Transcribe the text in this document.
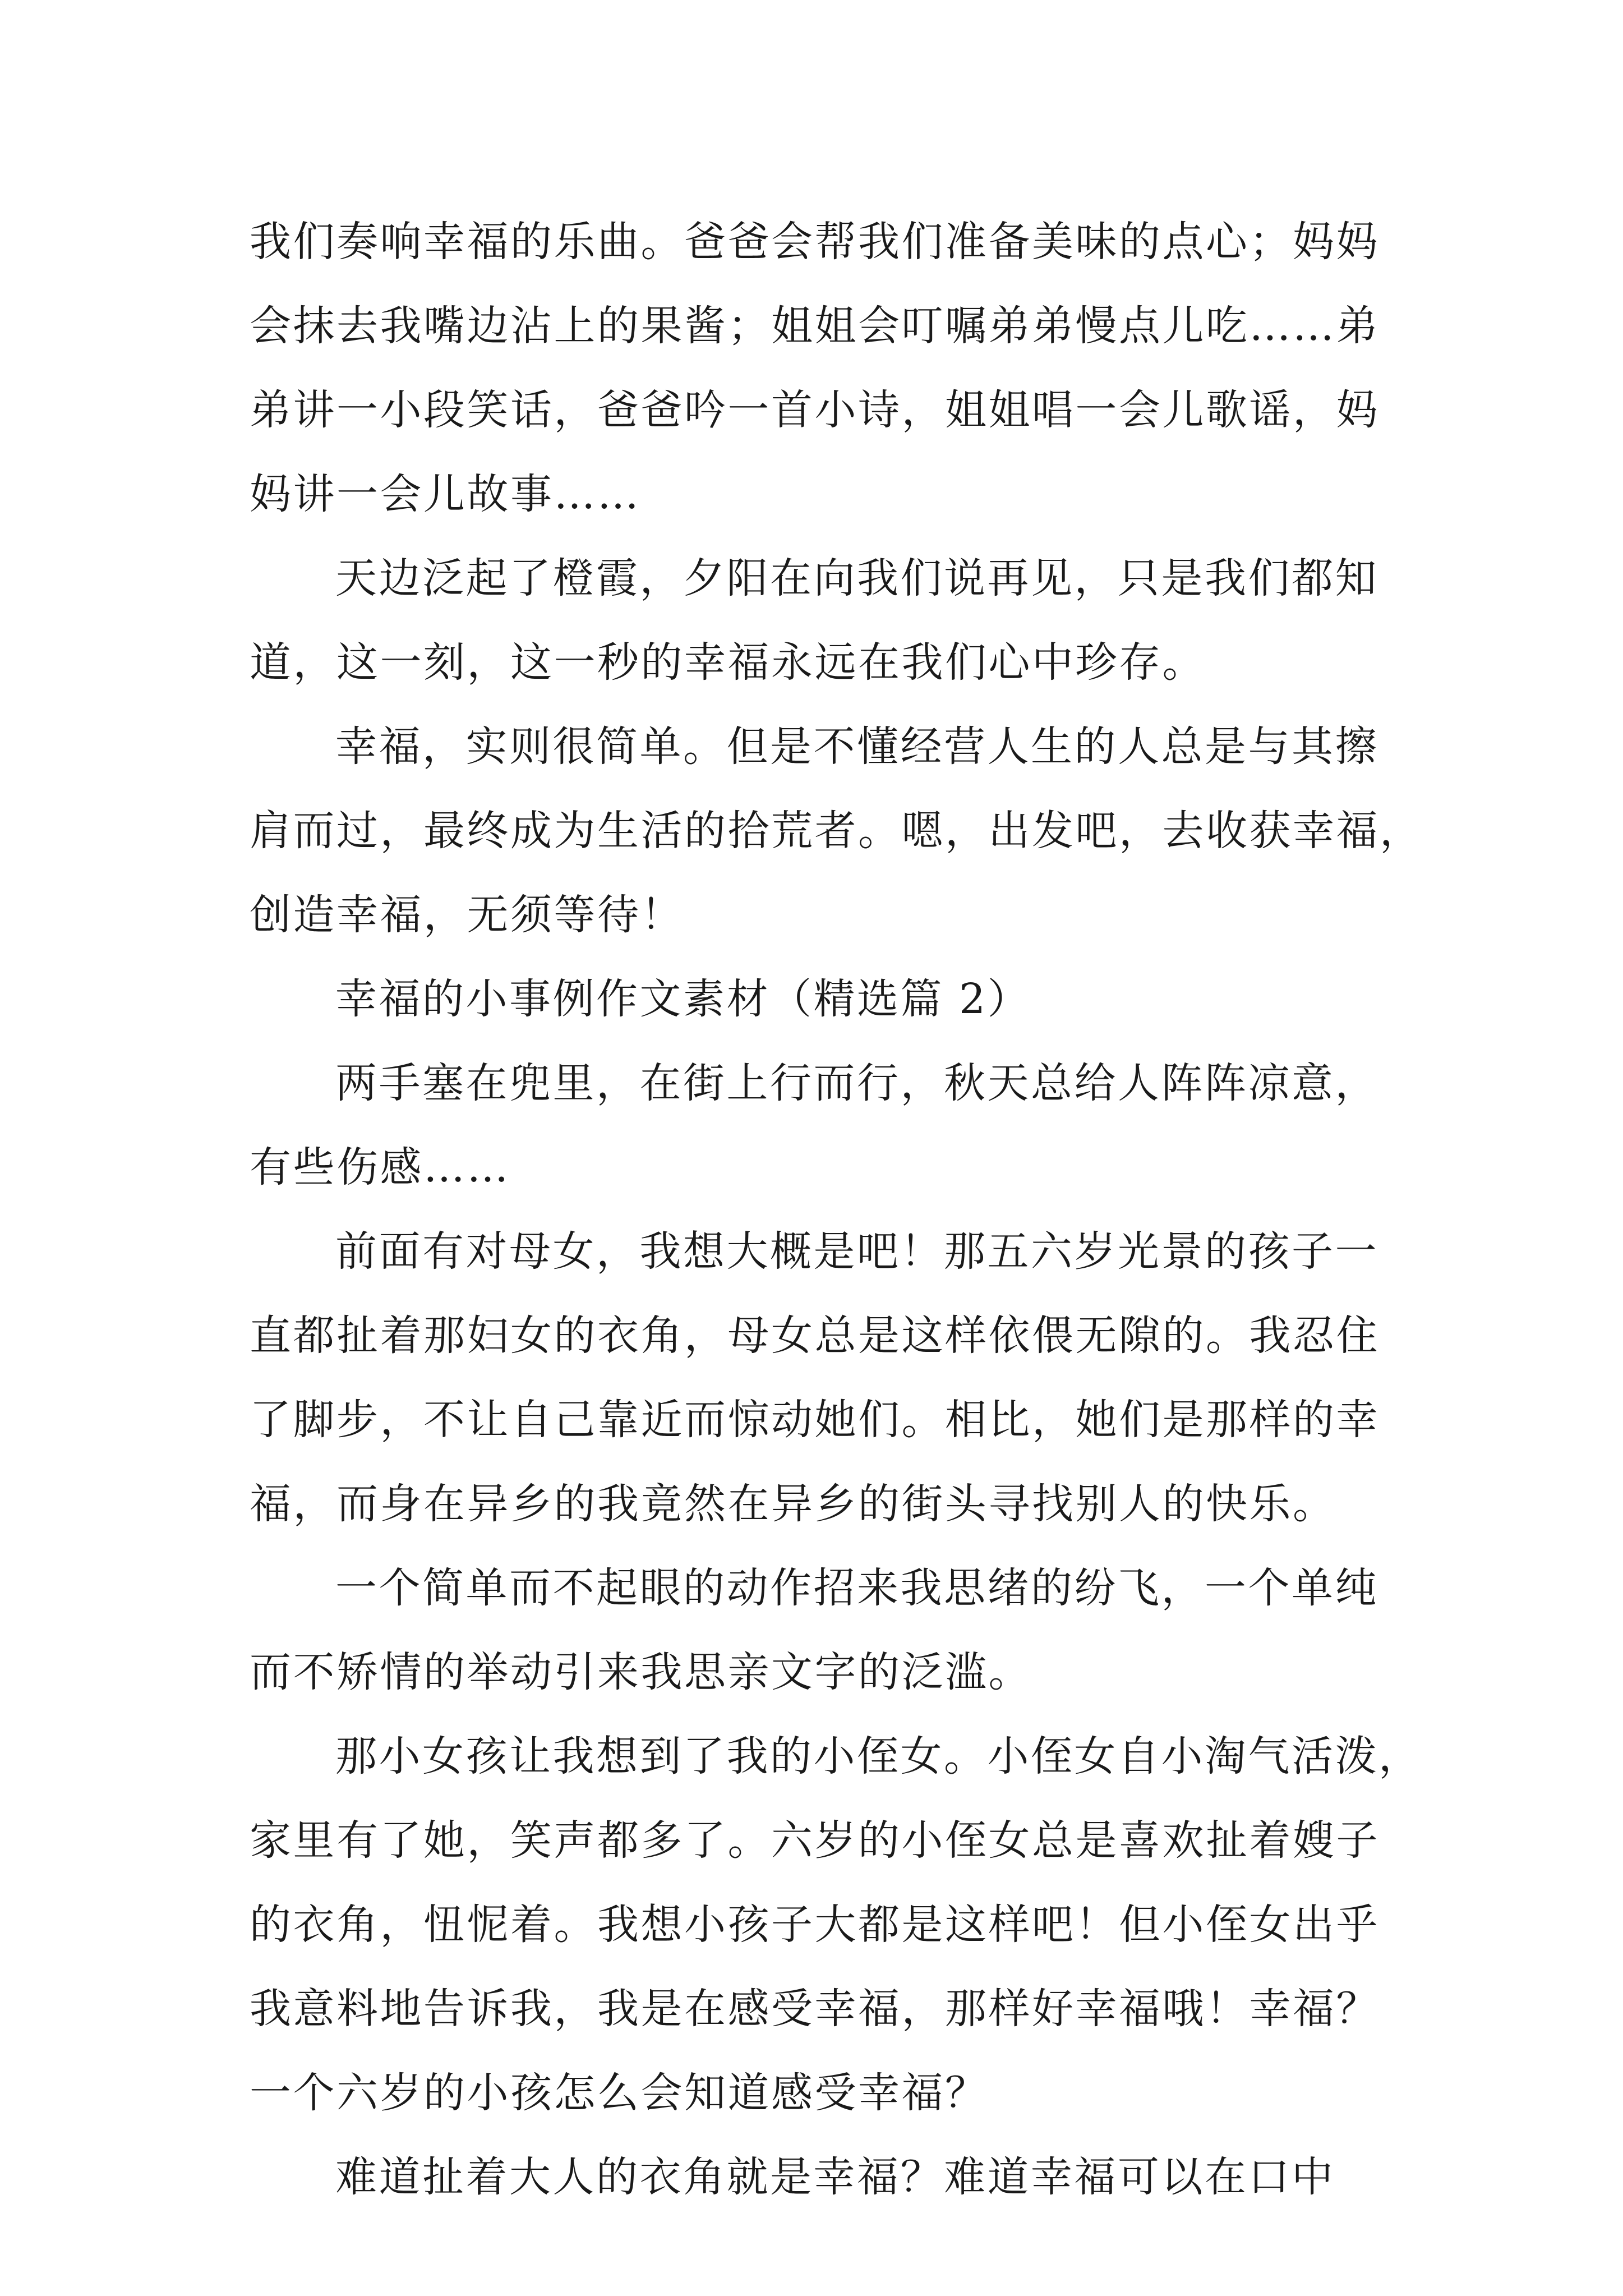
我们奏响幸福的乐曲。爸爸会帮我们准备美味的点心；妈妈
会抹去我嘴边沾上的果酱；姐姐会叮嘱弟弟慢点儿吃……弟
弟讲一小段笑话，爸爸吟一首小诗，姐姐唱一会儿歌谣，妈
妈讲一会儿故事……
天边泛起了橙霞，夕阳在向我们说再见，只是我们都知
道，这一刻，这一秒的幸福永远在我们心中珍存。
幸福，实则很简单。但是不懂经营人生的人总是与其擦
肩而过，最终成为生活的拾荒者。嗯，出发吧，去收获幸福，
创造幸福，无须等待！
幸福的小事例作文素材（精选篇 2）
两手塞在兜里，在街上行而行，秋天总给人阵阵凉意，
有些伤感……
前面有对母女，我想大概是吧！那五六岁光景的孩子一
直都扯着那妇女的衣角，母女总是这样依偎无隙的。我忍住
了脚步，不让自己靠近而惊动她们。相比，她们是那样的幸
福，而身在异乡的我竟然在异乡的街头寻找别人的快乐。
一个简单而不起眼的动作招来我思绪的纷飞，一个单纯
而不矫情的举动引来我思亲文字的泛滥。
那小女孩让我想到了我的小侄女。小侄女自小淘气活泼，
家里有了她，笑声都多了。六岁的小侄女总是喜欢扯着嫂子
的衣角，忸怩着。我想小孩子大都是这样吧！但小侄女出乎
我意料地告诉我，我是在感受幸福，那样好幸福哦！幸福？
一个六岁的小孩怎么会知道感受幸福？
难道扯着大人的衣角就是幸福？难道幸福可以在口中
